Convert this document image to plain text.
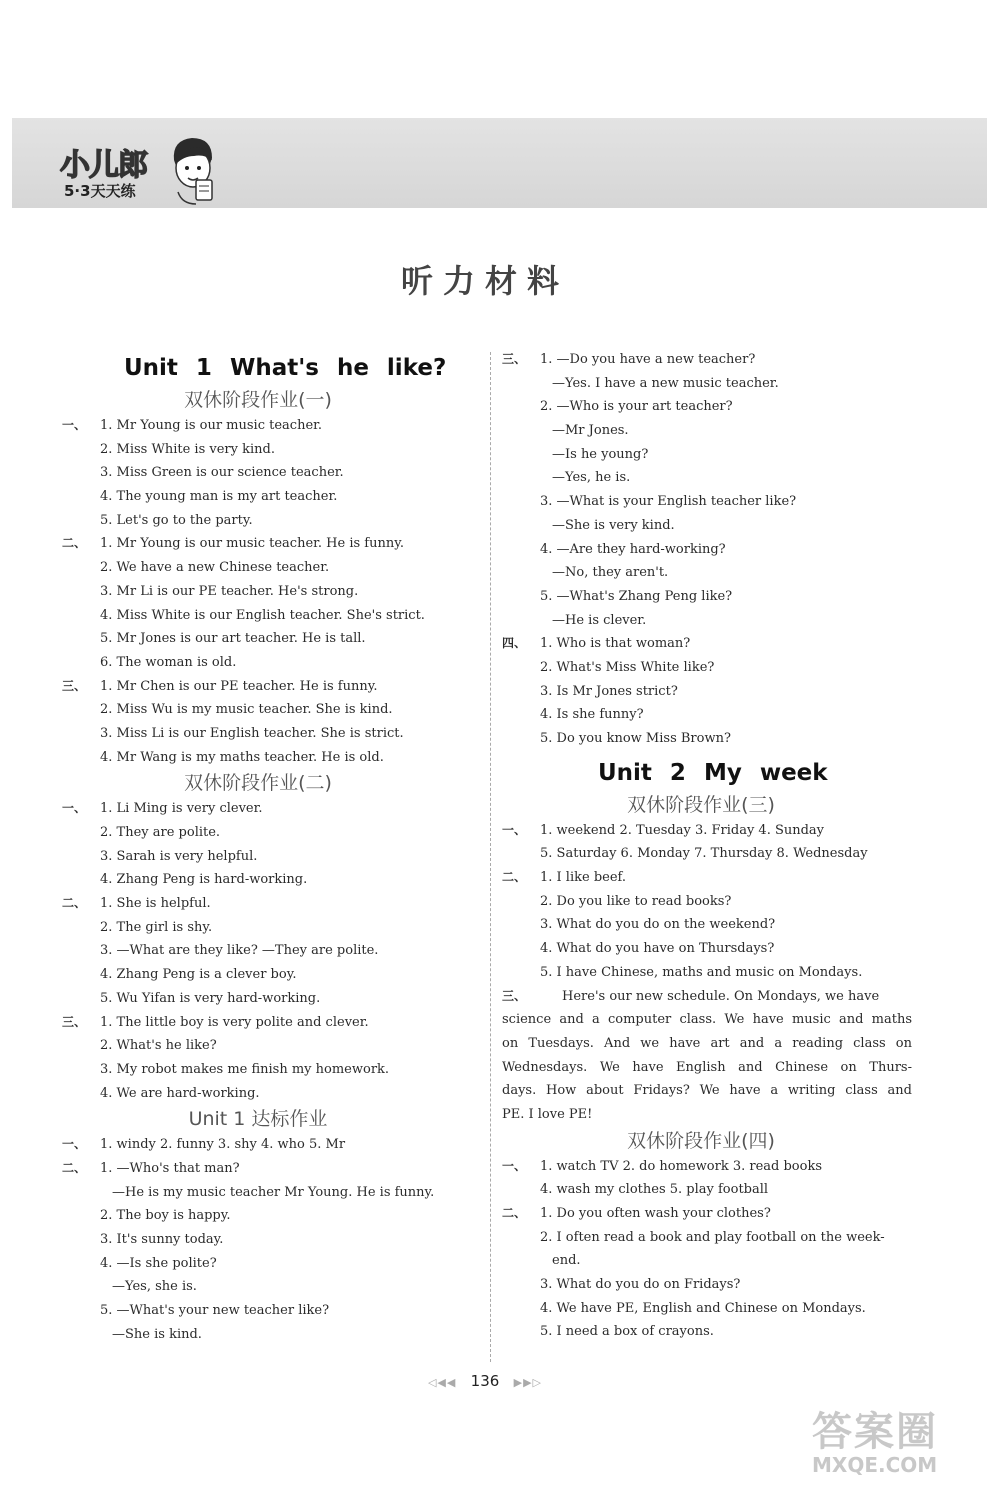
小儿郎
5·3天天练
听力材料
Unit 1 What's he like?
双休阶段作业(一)
一、 1. Mr Young is our music teacher.
2. Miss White is very kind.
3. Miss Green is our science teacher.
4. The young man is my art teacher.
5. Let's go to the party.
二、 1. Mr Young is our music teacher. He is funny.
2. We have a new Chinese teacher.
3. Mr Li is our PE teacher. He's strong.
4. Miss White is our English teacher. She's strict.
5. Mr Jones is our art teacher. He is tall.
6. The woman is old.
三、 1. Mr Chen is our PE teacher. He is funny.
2. Miss Wu is my music teacher. She is kind.
3. Miss Li is our English teacher. She is strict.
4. Mr Wang is my maths teacher. He is old.
双休阶段作业(二)
一、 1. Li Ming is very clever.
2. They are polite.
3. Sarah is very helpful.
4. Zhang Peng is hard-working.
二、 1. She is helpful.
2. The girl is shy.
3. —What are they like? —They are polite.
4. Zhang Peng is a clever boy.
5. Wu Yifan is very hard-working.
三、 1. The little boy is very polite and clever.
2. What's he like?
3. My robot makes me finish my homework.
4. We are hard-working.
Unit 1 达标作业
一、 1. windy 2. funny 3. shy 4. who 5. Mr
二、 1. —Who's that man?
—He is my music teacher Mr Young. He is funny.
2. The boy is happy.
3. It's sunny today.
4. —Is she polite?
—Yes, she is.
5. —What's your new teacher like?
—She is kind.
三、 1. —Do you have a new teacher?
—Yes. I have a new music teacher.
2. —Who is your art teacher?
—Mr Jones.
—Is he young?
—Yes, he is.
3. —What is your English teacher like?
—She is very kind.
4. —Are they hard-working?
—No, they aren't.
5. —What's Zhang Peng like?
—He is clever.
四、 1. Who is that woman?
2. What's Miss White like?
3. Is Mr Jones strict?
4. Is she funny?
5. Do you know Miss Brown?
Unit 2 My week
双休阶段作业(三)
一、 1. weekend 2. Tuesday 3. Friday 4. Sunday
5. Saturday 6. Monday 7. Thursday 8. Wednesday
二、 1. I like beef.
2. Do you like to read books?
3. What do you do on the weekend?
4. What do you have on Thursdays?
5. I have Chinese, maths and music on Mondays.
三、	Here's our new schedule. On Mondays, we have
science and a computer class. We have music and maths
on Tuesdays. And we have art and a reading class on
Wednesdays. We have English and Chinese on Thurs-
days. How about Fridays? We have a writing class and
PE. I love PE!
双休阶段作业(四)
一、 1. watch TV 2. do homework 3. read books
4. wash my clothes 5. play football
二、 1. Do you often wash your clothes?
2. I often read a book and play football on the week-
end.
3. What do you do on Fridays?
4. We have PE, English and Chinese on Mondays.
5. I need a box of crayons.
◁◀◀ 136 ▶▶▷
答案圈
MXQE.COM
